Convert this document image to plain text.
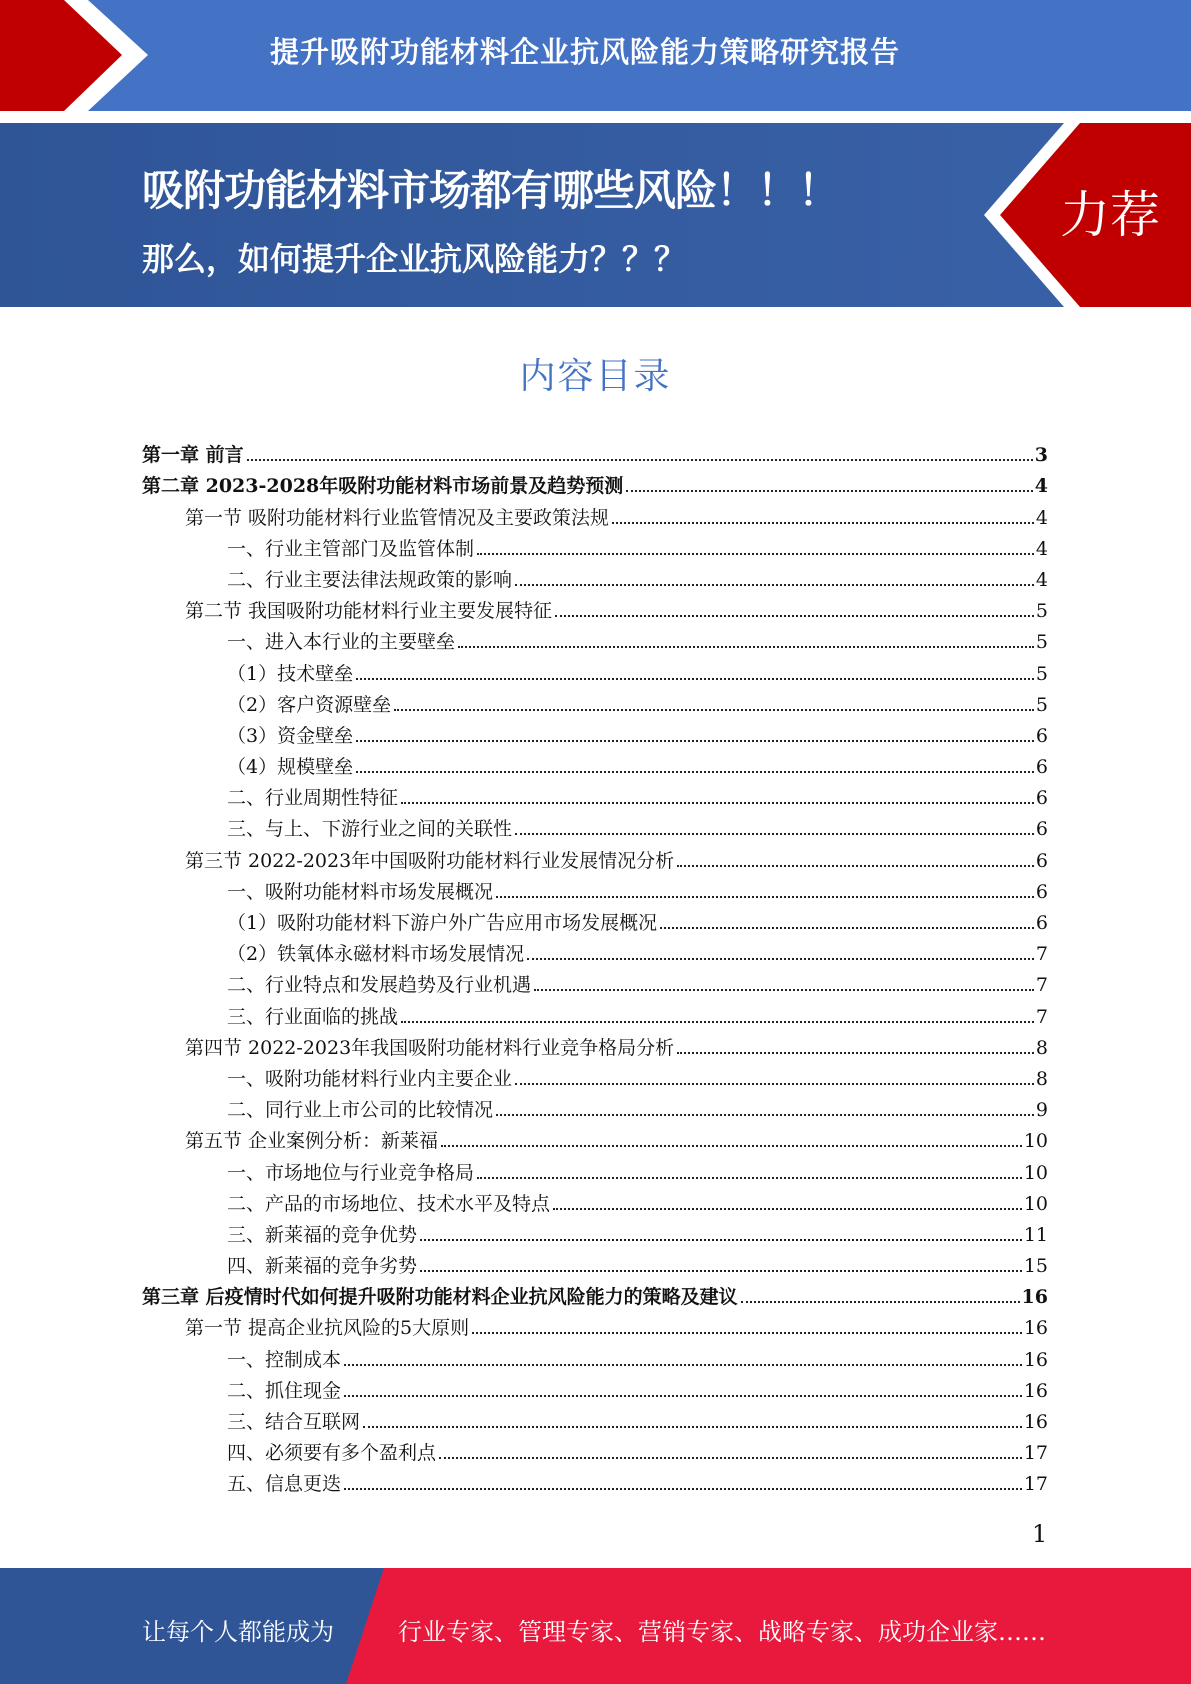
提升吸附功能材料企业抗风险能力策略研究报告
吸附功能材料市场都有哪些风险！！！
那么，如何提升企业抗风险能力？？？
力荐
内容目录
第一章 前言	3
第二章 2023-2028年吸附功能材料市场前景及趋势预测	4
第一节 吸附功能材料行业监管情况及主要政策法规	4
一、行业主管部门及监管体制	4
二、行业主要法律法规政策的影响	4
第二节 我国吸附功能材料行业主要发展特征	5
一、进入本行业的主要壁垒	5
（1）技术壁垒	5
（2）客户资源壁垒	5
（3）资金壁垒	6
（4）规模壁垒	6
二、行业周期性特征	6
三、与上、下游行业之间的关联性	6
第三节 2022-2023年中国吸附功能材料行业发展情况分析	6
一、吸附功能材料市场发展概况	6
（1）吸附功能材料下游户外广告应用市场发展概况	6
（2）铁氧体永磁材料市场发展情况	7
二、行业特点和发展趋势及行业机遇	7
三、行业面临的挑战	7
第四节 2022-2023年我国吸附功能材料行业竞争格局分析	8
一、吸附功能材料行业内主要企业	8
二、同行业上市公司的比较情况	9
第五节 企业案例分析：新莱福	10
一、市场地位与行业竞争格局	10
二、产品的市场地位、技术水平及特点	10
三、新莱福的竞争优势	11
四、新莱福的竞争劣势	15
第三章 后疫情时代如何提升吸附功能材料企业抗风险能力的策略及建议	16
第一节 提高企业抗风险的5大原则	16
一、控制成本	16
二、抓住现金	16
三、结合互联网	16
四、必须要有多个盈利点	17
五、信息更迭	17
1
让每个人都能成为	行业专家、管理专家、营销专家、战略专家、成功企业家……
